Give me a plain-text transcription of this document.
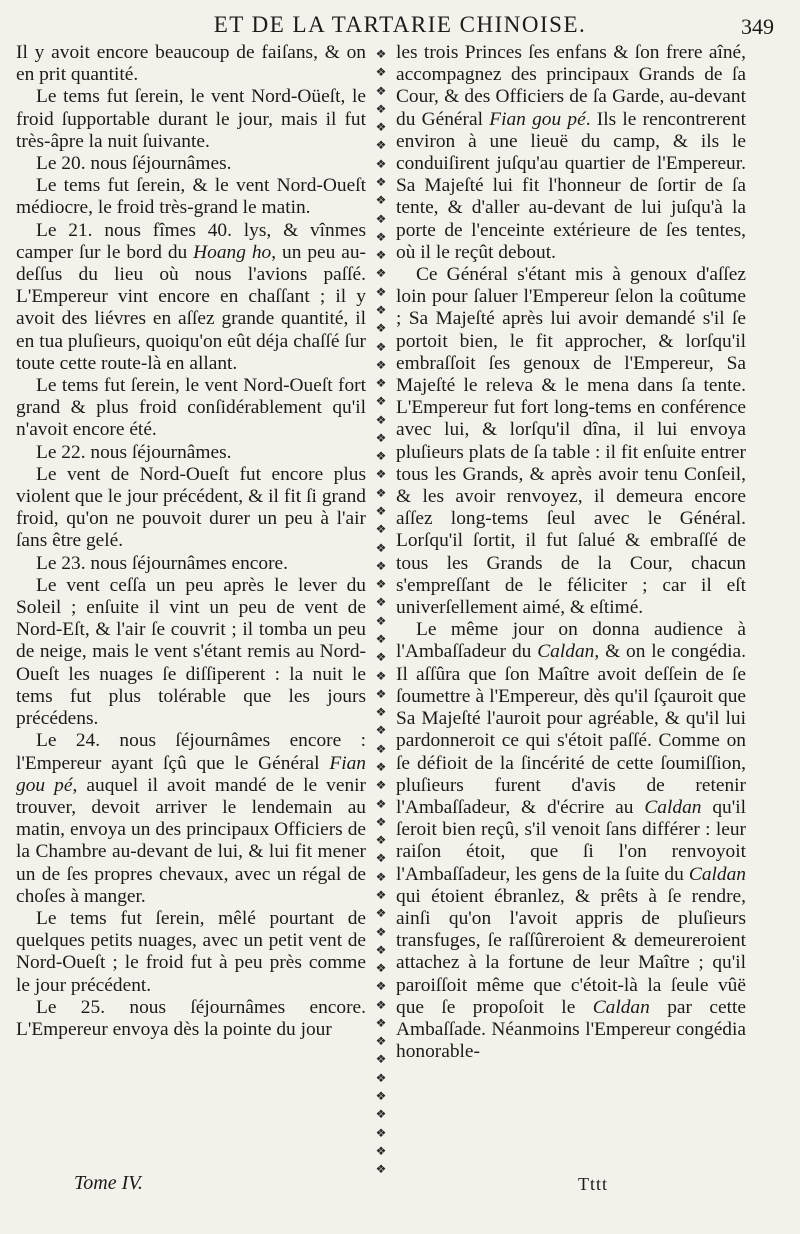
ET DE LA TARTARIE CHINOISE.	349

Il y avoit encore beaucoup de faiſans, & on en prit quantité.

Le tems fut ſerein, le vent Nord-Oüeſt, le froid ſupportable durant le jour, mais il fut très-âpre la nuit ſuivante.

Le 20. nous ſéjournâmes.

Le tems fut ſerein, & le vent Nord-Oueſt médiocre, le froid très-grand le matin.

Le 21. nous fîmes 40. lys, & vînmes camper ſur le bord du Hoang ho, un peu au-deſſus du lieu où nous l'avions paſſé. L'Empereur vint encore en chaſſant ; il y avoit des liévres en aſſez grande quantité, il en tua pluſieurs, quoiqu'on eût déja chaſſé ſur toute cette route-là en allant.

Le tems fut ſerein, le vent Nord-Oueſt fort grand & plus froid conſidérablement qu'il n'avoit encore été.

Le 22. nous ſéjournâmes.

Le vent de Nord-Oueſt fut encore plus violent que le jour précédent, & il fit ſi grand froid, qu'on ne pouvoit durer un peu à l'air ſans être gelé.

Le 23. nous ſéjournâmes encore.

Le vent ceſſa un peu après le lever du Soleil ; enſuite il vint un peu de vent de Nord-Eſt, & l'air ſe couvrit ; il tomba un peu de neige, mais le vent s'étant remis au Nord-Oueſt les nuages ſe diſſiperent : la nuit le tems fut plus tolérable que les jours précédens.

Le 24. nous ſéjournâmes encore : l'Empereur ayant ſçû que le Général Fian gou pé, auquel il avoit mandé de le venir trouver, devoit arriver le lendemain au matin, envoya un des principaux Officiers de la Chambre au-devant de lui, & lui fit mener un de ſes propres chevaux, avec un régal de choſes à manger.

Le tems fut ſerein, mêlé pourtant de quelques petits nuages, avec un petit vent de Nord-Oueſt ; le froid fut à peu près comme le jour précédent.

Le 25. nous ſéjournâmes encore. L'Empereur envoya dès la pointe du jour

❖
❖
❖
❖
❖
❖
❖
❖
❖
❖
❖
❖
❖
❖
❖
❖
❖
❖
❖
❖
❖
❖
❖
❖
❖
❖
❖
❖
❖
❖
❖
❖
❖
❖
❖
❖
❖
❖
❖
❖
❖
❖
❖
❖
❖
❖
❖
❖
❖
❖
❖
❖
❖
❖
❖
❖
❖
❖
❖
❖
❖
❖

les trois Princes ſes enfans & ſon frere aîné, accompagnez des principaux Grands de ſa Cour, & des Officiers de ſa Garde, au-devant du Général Fian gou pé. Ils le rencontrerent environ à une lieuë du camp, & ils le conduiſirent juſqu'au quartier de l'Empereur. Sa Majeſté lui fit l'honneur de ſortir de ſa tente, & d'aller au-devant de lui juſqu'à la porte de l'enceinte extérieure de ſes tentes, où il le reçût debout.

Ce Général s'étant mis à genoux d'aſſez loin pour ſaluer l'Empereur ſelon la coûtume ; Sa Majeſté après lui avoir demandé s'il ſe portoit bien, le fit approcher, & lorſqu'il embraſſoit ſes genoux de l'Empereur, Sa Majeſté le releva & le mena dans ſa tente. L'Empereur fut fort long-tems en conférence avec lui, & lorſqu'il dîna, il lui envoya pluſieurs plats de ſa table : il fit enſuite entrer tous les Grands, & après avoir tenu Conſeil, & les avoir renvoyez, il demeura encore aſſez long-tems ſeul avec le Général. Lorſqu'il ſortit, il fut ſalué & embraſſé de tous les Grands de la Cour, chacun s'empreſſant de le féliciter ; car il eſt univerſellement aimé, & eſtimé.

Le même jour on donna audience à l'Ambaſſadeur du Caldan, & on le congédia. Il aſſûra que ſon Maître avoit deſſein de ſe ſoumettre à l'Empereur, dès qu'il ſçauroit que Sa Majeſté l'auroit pour agréable, & qu'il lui pardonneroit ce qui s'étoit paſſé. Comme on ſe défioit de la ſincérité de cette ſoumiſſion, pluſieurs furent d'avis de retenir l'Ambaſſadeur, & d'écrire au Caldan qu'il ſeroit bien reçû, s'il venoit ſans différer : leur raiſon étoit, que ſi l'on renvoyoit l'Ambaſſadeur, les gens de la ſuite du Caldan qui étoient ébranlez, & prêts à ſe rendre, ainſi qu'on l'avoit appris de pluſieurs transfuges, ſe raſſûreroient & demeureroient attachez à la fortune de leur Maître ; qu'il paroiſſoit même que c'étoit-là la ſeule vûë que ſe propoſoit le Caldan par cette Ambaſſade. Néanmoins l'Empereur congédia honorable-

Tome IV.	Tttt
